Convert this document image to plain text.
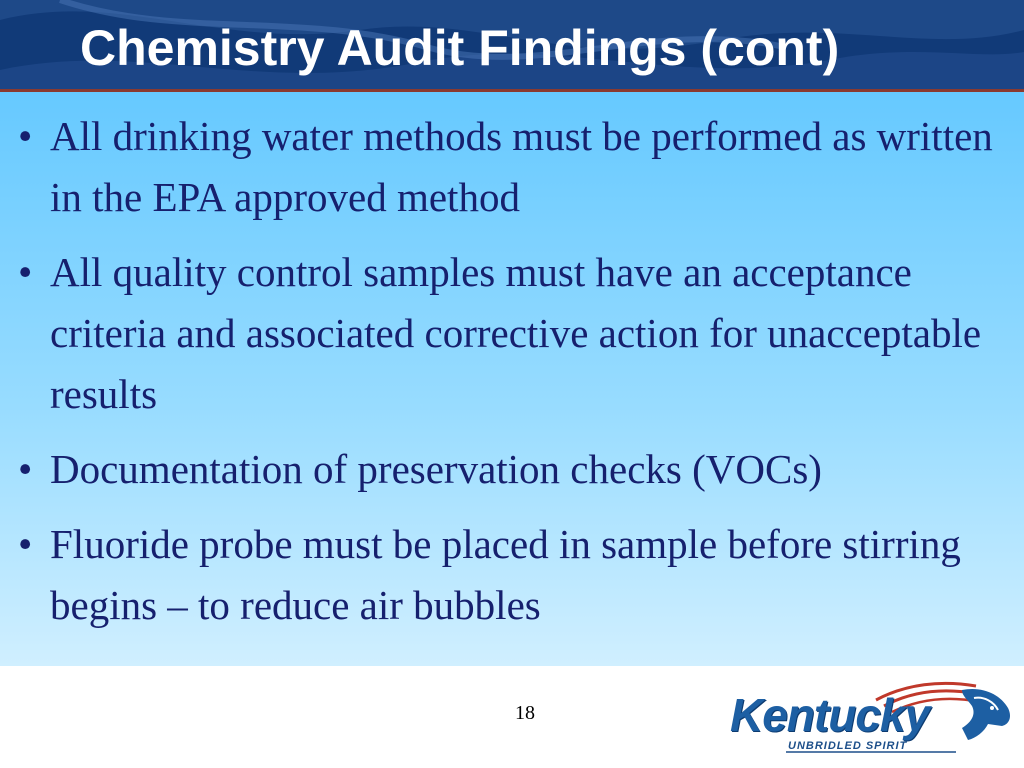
Chemistry Audit Findings (cont)
• All drinking water methods must be performed as written in the EPA approved method
• All quality control samples must have an acceptance criteria and associated corrective action for unacceptable results
• Documentation of preservation checks (VOCs)
• Fluoride probe must be placed in sample before stirring begins – to reduce air bubbles
18	Kentucky
UNBRIDLED SPIRIT
